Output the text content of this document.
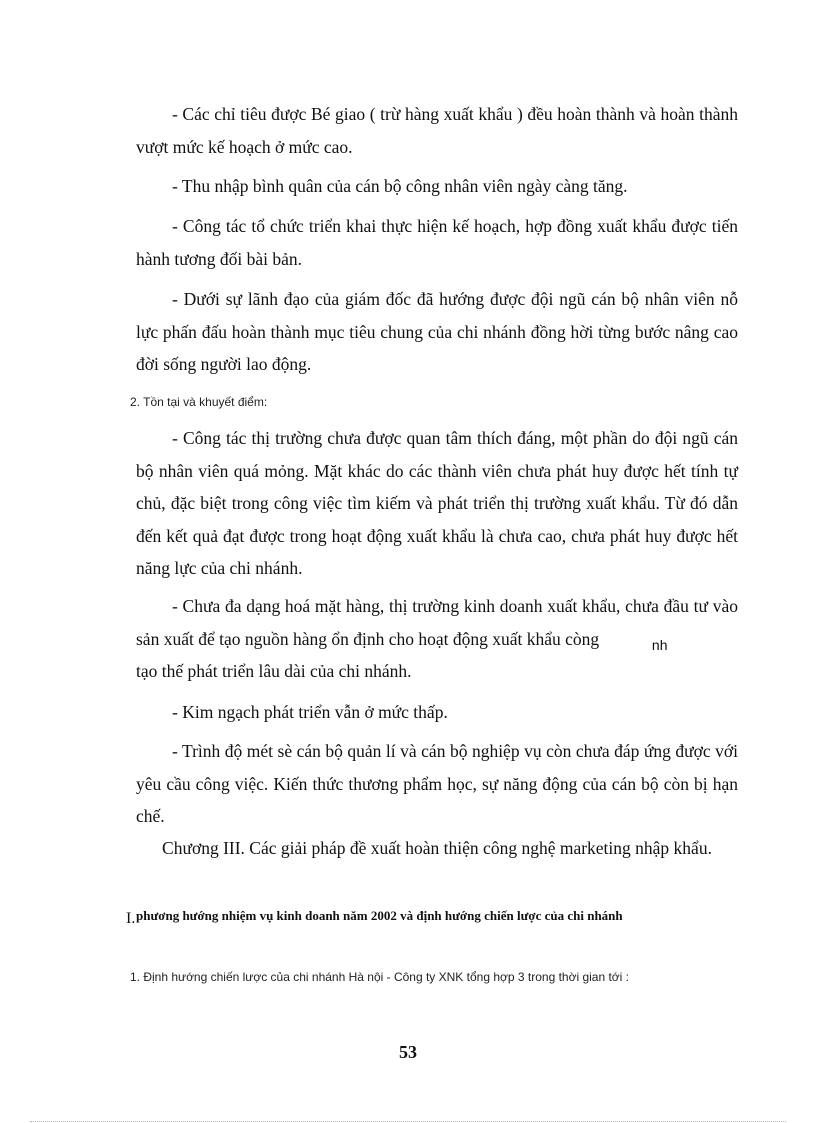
- Các chỉ tiêu được Bé giao ( trừ hàng xuất khẩu ) đều hoàn thành và hoàn thành vượt mức kế hoạch ở mức cao.

- Thu nhập bình quân của cán bộ công nhân viên ngày càng tăng.

- Công tác tổ chức triển khai thực hiện kế hoạch, hợp đồng xuất khẩu được tiến hành tương đối bài bản.

- Dưới sự lãnh đạo của giám đốc đã hướng được đội ngũ cán bộ nhân viên nỗ lực phấn đấu hoàn thành mục tiêu chung của chi nhánh đồng hời từng bước nâng cao đời sống người lao động.

2. Tồn tại và khuyết điểm:

- Công tác thị trường chưa được quan tâm thích đáng, một phần do đội ngũ cán bộ nhân viên quá mỏng. Mặt khác do các thành viên chưa phát huy được hết tính tự chủ, đặc biệt trong công việc tìm kiếm và phát triển thị trường xuất khẩu. Từ đó dẫn đến kết quả đạt được trong hoạt động xuất khẩu là chưa cao, chưa phát huy được hết năng lực của chi nhánh.

- Chưa đa dạng hoá mặt hàng, thị trường kinh doanh xuất khẩu, chưa đầu tư vào sản xuất để tạo nguồn hàng ổn định cho hoạt động xuất khẩu còng	$_{nh}$

tạo thế phát triển lâu dài của chi nhánh.

- Kim ngạch phát triển vẫn ở mức thấp.

- Trình độ mét sè cán bộ quản lí và cán bộ nghiệp vụ còn chưa đáp ứng được với yêu cầu công việc. Kiến thức thương phẩm học, sự năng động của cán bộ còn bị hạn chế.

Chương III. Các giải pháp đề xuất hoàn thiện công nghệ marketing nhập khẩu.

I. phương hướng nhiệm vụ kinh doanh năm 2002 và định hướng chiến lược của chi nhánh

1. Định hướng chiến lược của chi nhánh Hà nội - Công ty XNK tổng hợp 3 trong thời gian tới :

53
